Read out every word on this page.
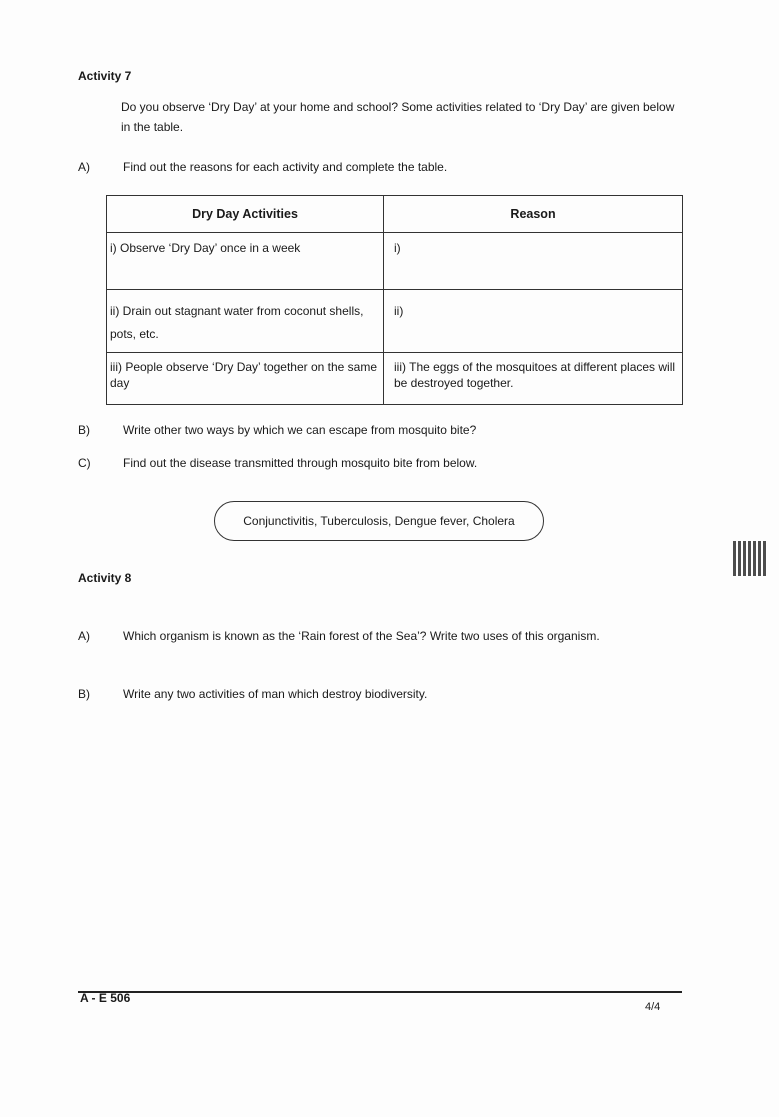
Activity 7
Do you observe ‘Dry Day’ at your home and school? Some activities related to ‘Dry Day’ are given below in the table.
A)	Find out the reasons for each activity and complete the table.
Dry Day Activities	Reason
i) Observe ‘Dry Day’ once in a week	i)
ii) Drain out stagnant water from coconut shells, pots, etc.	ii)
iii) People observe ‘Dry Day’ together on the same day	iii) The eggs of the mosquitoes at different places will be destroyed together.
B)	Write other two ways by which we can escape from mosquito bite?
C)	Find out the disease transmitted through mosquito bite from below.
Conjunctivitis, Tuberculosis, Dengue fever, Cholera
Activity 8
A)	Which organism is known as the ‘Rain forest of the Sea’? Write two uses of this organism.
B)	Write any two activities of man which destroy biodiversity.
A - E 506
4/4
